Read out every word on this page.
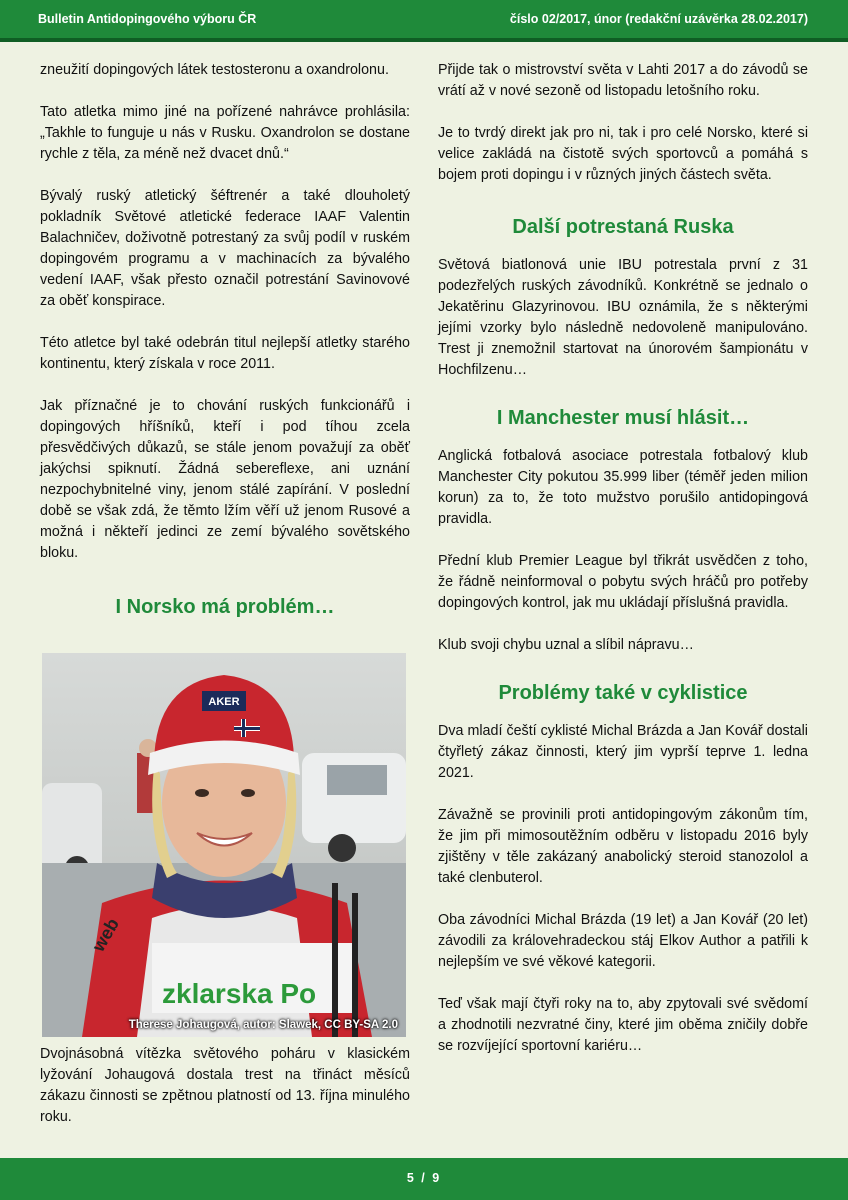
Bulletin Antidopingového výboru ČR	číslo 02/2017, únor (redakční uzávěrka 28.02.2017)

zneužití dopingových látek testosteronu a oxandrolonu.

Tato atletka mimo jiné na pořízené nahrávce prohlásila: „Takhle to funguje u nás v Rusku. Oxandrolon se dostane rychle z těla, za méně než dvacet dnů.“

Bývalý ruský atletický šéftrenér a také dlouholetý pokladník Světové atletické federace IAAF Valentin Balachničev, doživotně potrestaný za svůj podíl v ruském dopingovém programu a v machinacích za bývalého vedení IAAF, však přesto označil potrestání Savinovové za oběť konspirace.

Této atletce byl také odebrán titul nejlepší atletky starého kontinentu, který získala v roce 2011.

Jak příznačné je to chování ruských funkcionářů i dopingových hříšníků, kteří i pod tíhou zcela přesvědčivých důkazů, se stále jenom považují za oběť jakýchsi spiknutí. Žádná sebereflexe, ani uznání nezpochybnitelné viny, jenom stálé zapírání. V poslední době se však zdá, že těmto lžím věří už jenom Rusové a možná i někteří jedinci ze zemí bývalého sovětského bloku.

I Norsko má problém…
AKER
zklarska Po
web
Therese Johaugová, autor: Slawek, CC BY-SA 2.0

Dvojnásobná vítězka světového poháru v klasickém lyžování Johaugová dostala trest na třináct měsíců zákazu činnosti se zpětnou platností od 13. října minulého roku.

Přijde tak o mistrovství světa v Lahti 2017 a do závodů se vrátí až v nové sezoně od listopadu letošního roku.

Je to tvrdý direkt jak pro ni, tak i pro celé Norsko, které si velice zakládá na čistotě svých sportovců a pomáhá s bojem proti dopingu i v různých jiných částech světa.

Další potrestaná Ruska

Světová biatlonová unie IBU potrestala první z 31 podezřelých ruských závodníků. Konkrétně se jednalo o Jekatěrinu Glazyrinovou. IBU oznámila, že s některými jejími vzorky bylo následně nedovoleně manipulováno. Trest ji znemožnil startovat na únorovém šampionátu v Hochfilzenu…

I Manchester musí hlásit…

Anglická fotbalová asociace potrestala fotbalový klub Manchester City pokutou 35.999 liber (téměř jeden milion korun) za to, že toto mužstvo porušilo antidopingová pravidla.

Přední klub Premier League byl třikrát usvědčen z toho, že řádně neinformoval o pobytu svých hráčů pro potřeby dopingových kontrol, jak mu ukládají příslušná pravidla.

Klub svoji chybu uznal a slíbil nápravu…

Problémy také v cyklistice

Dva mladí čeští cyklisté Michal Brázda a Jan Kovář dostali čtyřletý zákaz činnosti, který jim vyprší teprve 1. ledna 2021.

Závažně se provinili proti antidopingovým zákonům tím, že jim při mimosoutěžním odběru v listopadu 2016 byly zjištěny v těle zakázaný anabolický steroid stanozolol a také clenbuterol.

Oba závodníci Michal Brázda (19 let) a Jan Kovář (20 let) závodili za královehradeckou stáj Elkov Author a patřili k nejlepším ve své věkové kategorii.

Teď však mají čtyři roky na to, aby zpytovali své svědomí a zhodnotili nezvratné činy, které jim oběma zničily dobře se rozvíjející sportovní kariéru…

5 / 9
